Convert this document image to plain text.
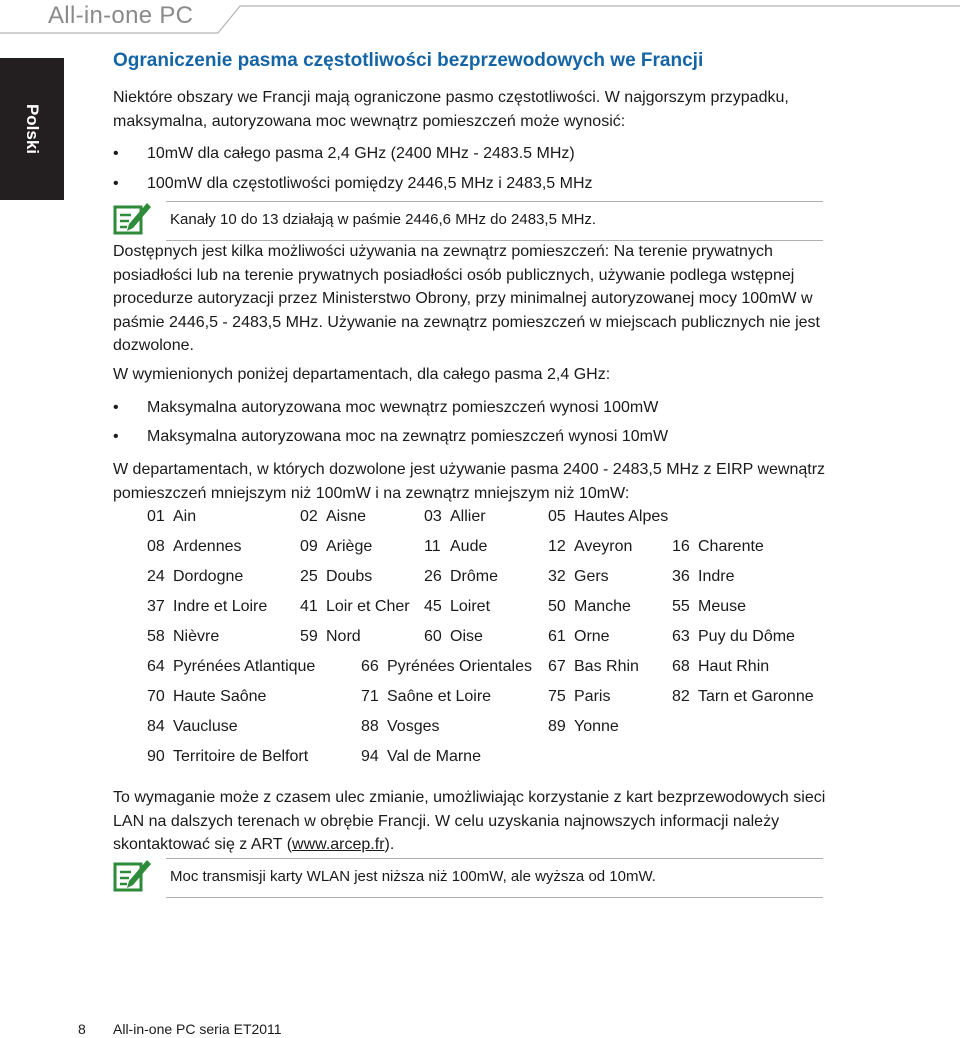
All-in-one PC
Polski
Ograniczenie pasma częstotliwości bezprzewodowych we Francji
Niektóre obszary we Francji mają ograniczone pasmo częstotliwości. W najgorszym przypadku, maksymalna, autoryzowana moc wewnątrz pomieszczeń może wynosić:
• 10mW dla całego pasma 2,4 GHz (2400 MHz - 2483.5 MHz)
• 100mW dla częstotliwości pomiędzy 2446,5 MHz i 2483,5 MHz
Kanały 10 do 13 działają w paśmie 2446,6 MHz do 2483,5 MHz.
Dostępnych jest kilka możliwości używania na zewnątrz pomieszczeń: Na terenie prywatnych posiadłości lub na terenie prywatnych posiadłości osób publicznych, używanie podlega wstępnej procedurze autoryzacji przez Ministerstwo Obrony, przy minimalnej autoryzowanej mocy 100mW w paśmie 2446,5 - 2483,5 MHz. Używanie na zewnątrz pomieszczeń w miejscach publicznych nie jest dozwolone.
W wymienionych poniżej departamentach, dla całego pasma 2,4 GHz:
• Maksymalna autoryzowana moc wewnątrz pomieszczeń wynosi 100mW
• Maksymalna autoryzowana moc na zewnątrz pomieszczeń wynosi 10mW
W departamentach, w których dozwolone jest używanie pasma 2400 - 2483,5 MHz z EIRP wewnątrz pomieszczeń mniejszym niż 100mW i na zewnątrz mniejszym niż 10mW:
01 Ain	02 Aisne	03 Allier	05 Hautes Alpes
08 Ardennes	09 Ariège	11 Aude	12 Aveyron 16 Charente
24 Dordogne	25 Doubs	26 Drôme	32 Gers	36 Indre
37 Indre et Loire 41 Loir et Cher 45 Loiret	50 Manche	55 Meuse
58 Nièvre	59 Nord	60 Oise	61 Orne	63 Puy du Dôme
64 Pyrénées Atlantique	66 Pyrénées Orientales 67 Bas Rhin 68 Haut Rhin
70 Haute Saône	71 Saône et Loire	75 Paris	82 Tarn et Garonne
84 Vaucluse	88 Vosges	89 Yonne
90 Territoire de Belfort	94 Val de Marne
To wymaganie może z czasem ulec zmianie, umożliwiając korzystanie z kart bezprzewodowych sieci LAN na dalszych terenach w obrębie Francji. W celu uzyskania najnowszych informacji należy skontaktować się z ART (www.arcep.fr).
Moc transmisji karty WLAN jest niższa niż 100mW, ale wyższa od 10mW.
8 All-in-one PC seria ET2011
